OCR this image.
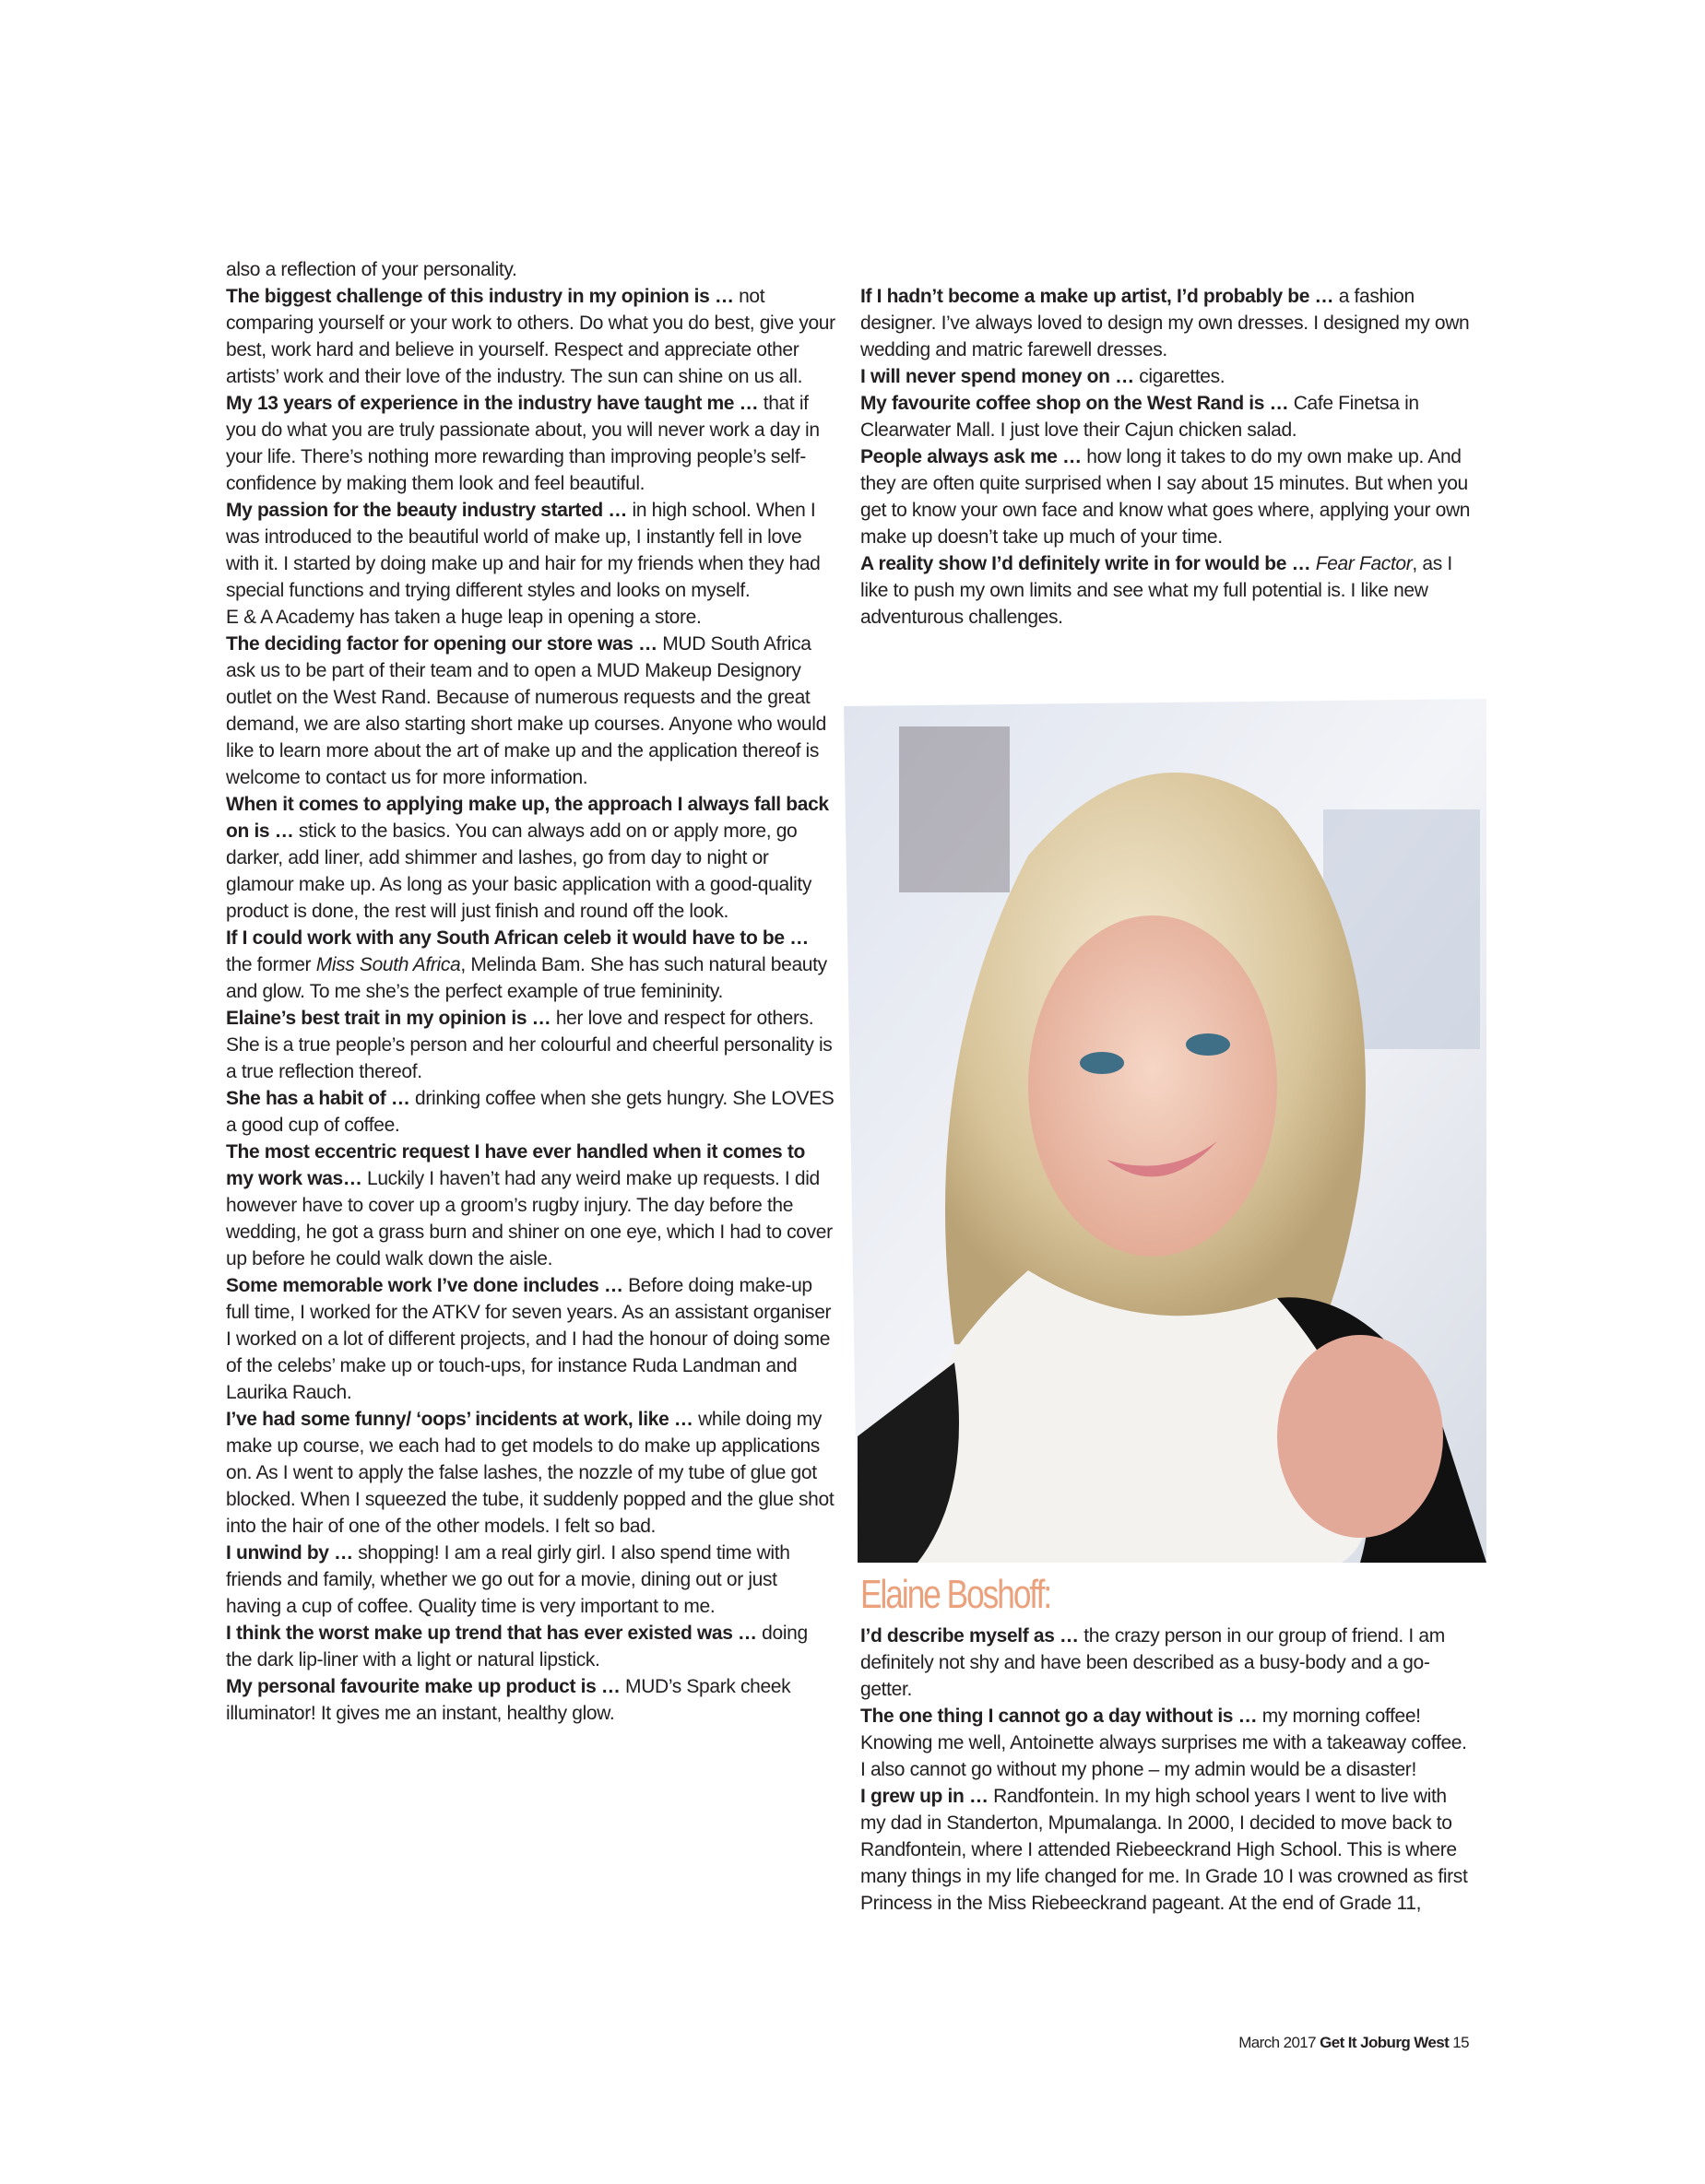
also a reflection of your personality.

The biggest challenge of this industry in my opinion is … not comparing yourself or your work to others. Do what you do best, give your best, work hard and believe in yourself. Respect and appreciate other artists’ work and their love of the industry. The sun can shine on us all.

My 13 years of experience in the industry have taught me … that if you do what you are truly passionate about, you will never work a day in your life. There’s nothing more rewarding than improving people’s self-confidence by making them look and feel beautiful.

My passion for the beauty industry started … in high school. When I was introduced to the beautiful world of make up, I instantly fell in love with it. I started by doing make up and hair for my friends when they had special functions and trying different styles and looks on myself.

E & A Academy has taken a huge leap in opening a store.

The deciding factor for opening our store was … MUD South Africa ask us to be part of their team and to open a MUD Makeup Designory outlet on the West Rand. Because of numerous requests and the great demand, we are also starting short make up courses. Anyone who would like to learn more about the art of make up and the application thereof is welcome to contact us for more information.

When it comes to applying make up, the approach I always fall back on is … stick to the basics. You can always add on or apply more, go darker, add liner, add shimmer and lashes, go from day to night or glamour make up. As long as your basic application with a good-quality product is done, the rest will just finish and round off the look.

If I could work with any South African celeb it would have to be … the former Miss South Africa, Melinda Bam. She has such natural beauty and glow. To me she’s the perfect example of true femininity.

Elaine’s best trait in my opinion is … her love and respect for others. She is a true people’s person and her colourful and cheerful personality is a true reflection thereof.

She has a habit of … drinking coffee when she gets hungry. She LOVES a good cup of coffee.

The most eccentric request I have ever handled when it comes to my work was… Luckily I haven’t had any weird make up requests. I did however have to cover up a groom’s rugby injury. The day before the wedding, he got a grass burn and shiner on one eye, which I had to cover up before he could walk down the aisle.

Some memorable work I’ve done includes … Before doing make-up full time, I worked for the ATKV for seven years. As an assistant organiser I worked on a lot of different projects, and I had the honour of doing some of the celebs’ make up or touch-ups, for instance Ruda Landman and Laurika Rauch.

I’ve had some funny/ ‘oops’ incidents at work, like … while doing my make up course, we each had to get models to do make up applications on. As I went to apply the false lashes, the nozzle of my tube of glue got blocked. When I squeezed the tube, it suddenly popped and the glue shot into the hair of one of the other models. I felt so bad.

I unwind by … shopping! I am a real girly girl. I also spend time with friends and family, whether we go out for a movie, dining out or just having a cup of coffee. Quality time is very important to me.

I think the worst make up trend that has ever existed was … doing the dark lip-liner with a light or natural lipstick.

My personal favourite make up product is … MUD’s Spark cheek illuminator! It gives me an instant, healthy glow.

If I hadn’t become a make up artist, I’d probably be … a fashion designer. I’ve always loved to design my own dresses. I designed my own wedding and matric farewell dresses.

I will never spend money on … cigarettes.

My favourite coffee shop on the West Rand is … Cafe Finetsa in Clearwater Mall. I just love their Cajun chicken salad.

People always ask me … how long it takes to do my own make up. And they are often quite surprised when I say about 15 minutes. But when you get to know your own face and know what goes where, applying your own make up doesn’t take up much of your time.

A reality show I’d definitely write in for would be … Fear Factor, as I like to push my own limits and see what my full potential is. I like new adventurous challenges.

Elaine Boshoff:

I’d describe myself as … the crazy person in our group of friend. I am definitely not shy and have been described as a busy-body and a go-getter.

The one thing I cannot go a day without is … my morning coffee! Knowing me well, Antoinette always surprises me with a takeaway coffee. I also cannot go without my phone – my admin would be a disaster!

I grew up in … Randfontein. In my high school years I went to live with my dad in Standerton, Mpumalanga. In 2000, I decided to move back to Randfontein, where I attended Riebeeckrand High School. This is where many things in my life changed for me. In Grade 10 I was crowned as first Princess in the Miss Riebeeckrand pageant. At the end of Grade 11,

March 2017 Get It Joburg West 15
